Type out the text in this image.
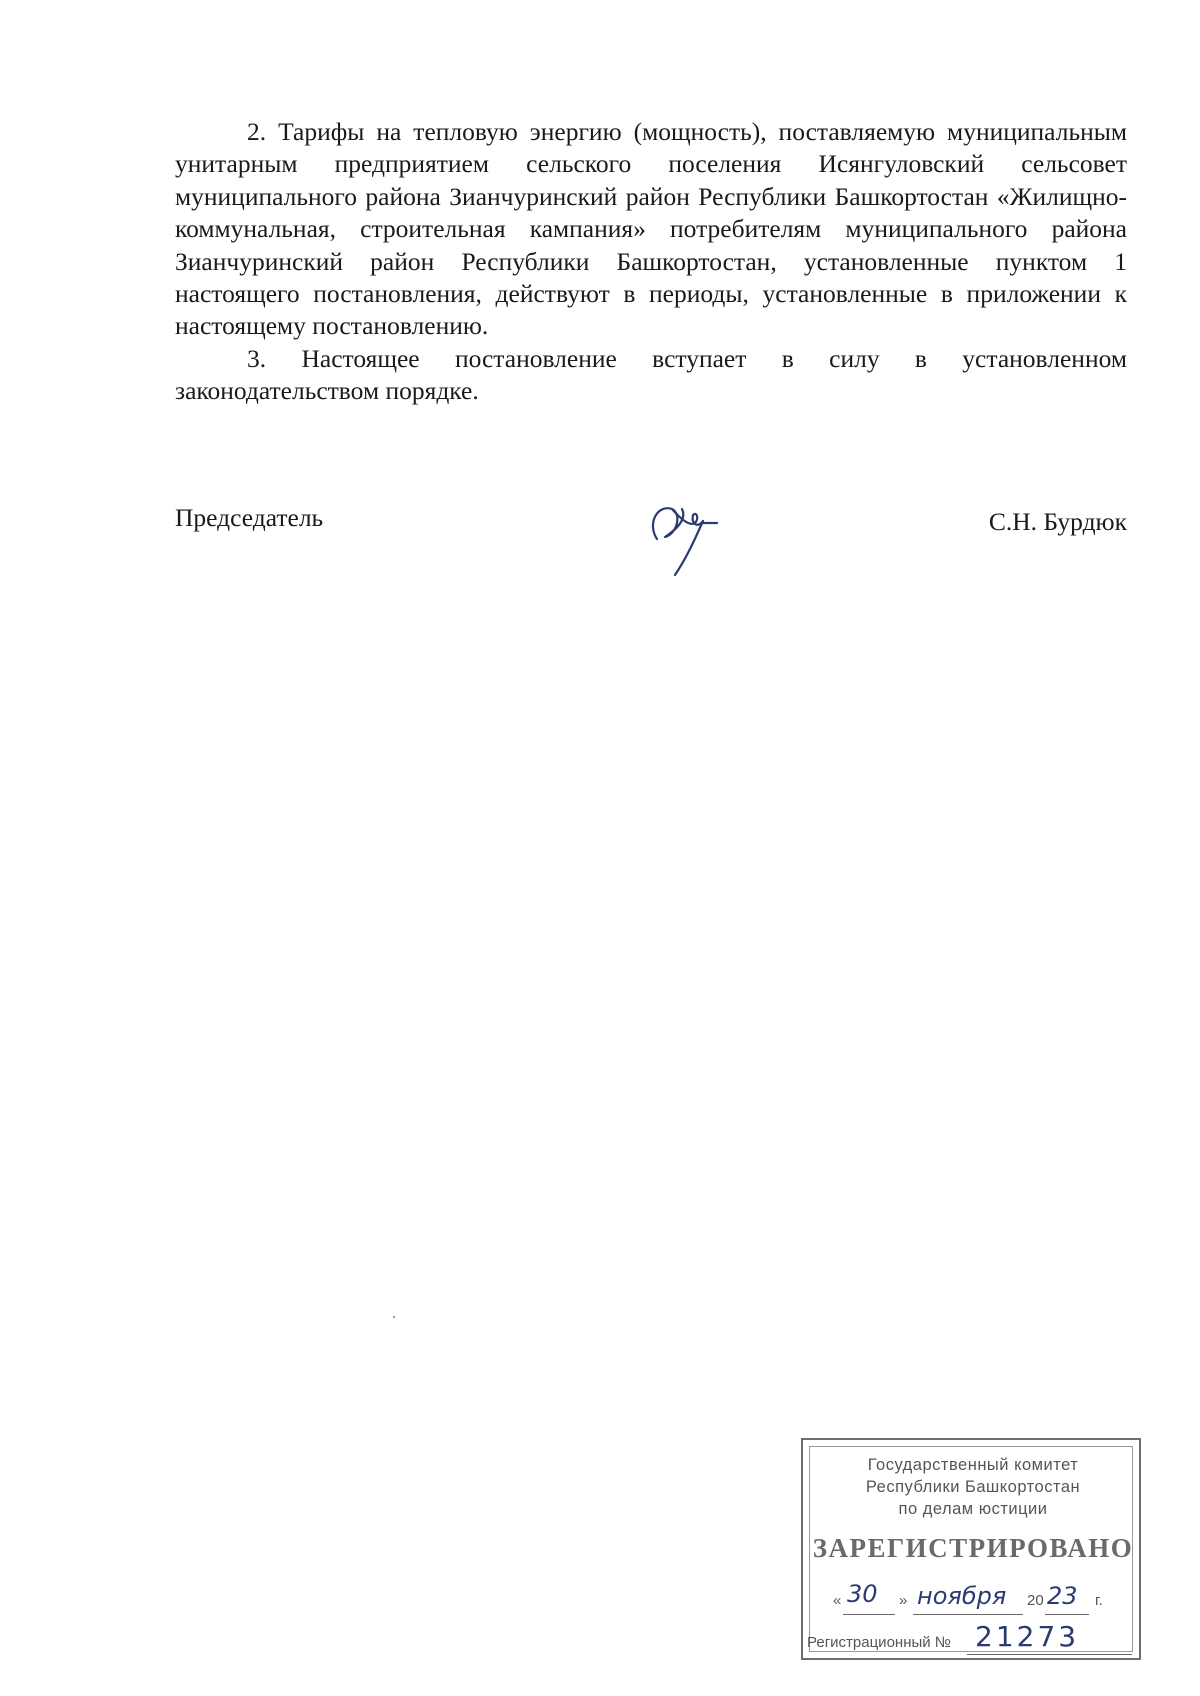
2. Тарифы на тепловую энергию (мощность), поставляемую муниципальным унитарным предприятием сельского поселения Исянгуловский сельсовет муниципального района Зианчуринский район Республики Башкортостан «Жилищно-коммунальная, строительная кампания» потребителям муниципального района Зианчуринский район Республики Башкортостан, установленные пунктом 1 настоящего постановления, действуют в периоды, установленные в приложении к настоящему постановлению.

3. Настоящее постановление вступает в силу в установленном законодательством порядке.

Председатель	С.Н. Бурдюк
Государственный комитет
Республики Башкортостан
по делам юстиции
ЗАРЕГИСТРИРОВАНО
« 30 » ноября 20 23 г.
Регистрационный № 21273
